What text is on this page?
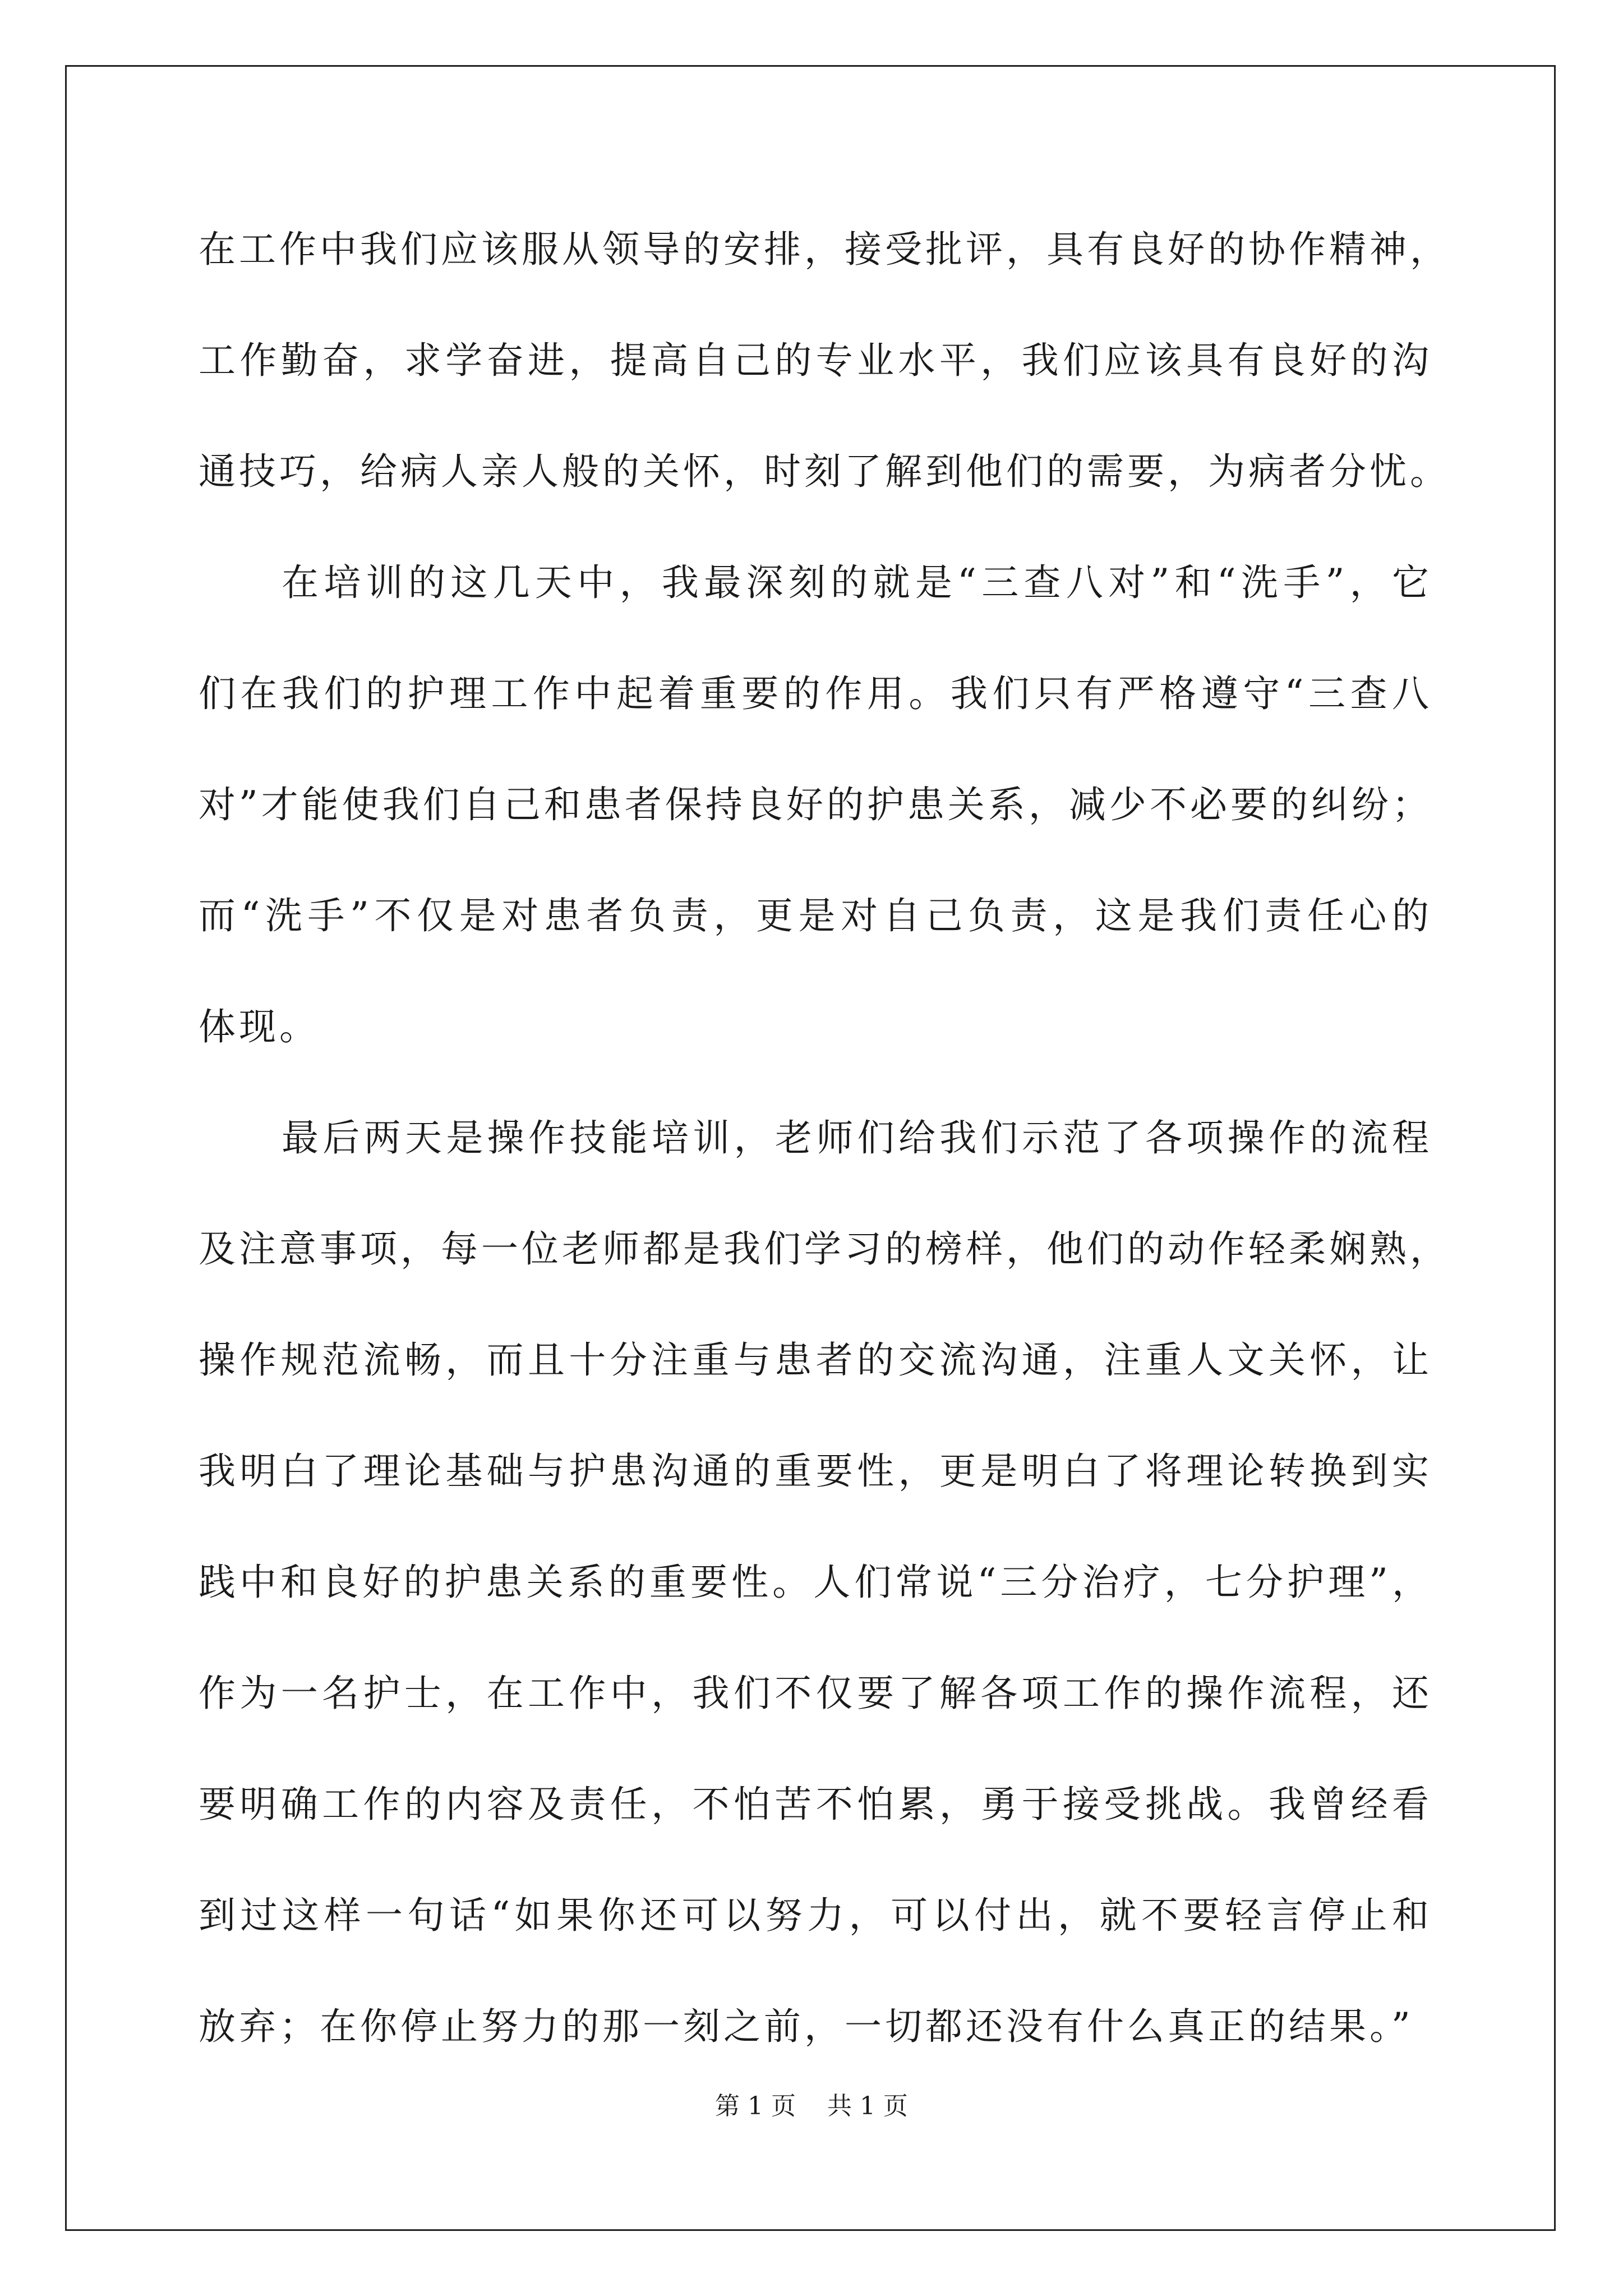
在工作中我们应该服从领导的安排，接受批评，具有良好的协作精神，
工作勤奋，求学奋进，提高自己的专业水平，我们应该具有良好的沟
通技巧，给病人亲人般的关怀，时刻了解到他们的需要，为病者分忧。
在培训的这几天中，我最深刻的就是“三查八对”和“洗手”，它
们在我们的护理工作中起着重要的作用。我们只有严格遵守“三查八
对”才能使我们自己和患者保持良好的护患关系，减少不必要的纠纷；
而“洗手”不仅是对患者负责，更是对自己负责，这是我们责任心的
体现。
最后两天是操作技能培训，老师们给我们示范了各项操作的流程
及注意事项，每一位老师都是我们学习的榜样，他们的动作轻柔娴熟，
操作规范流畅，而且十分注重与患者的交流沟通，注重人文关怀，让
我明白了理论基础与护患沟通的重要性，更是明白了将理论转换到实
践中和良好的护患关系的重要性。人们常说“三分治疗，七分护理”，
作为一名护士，在工作中，我们不仅要了解各项工作的操作流程，还
要明确工作的内容及责任，不怕苦不怕累，勇于接受挑战。我曾经看
到过这样一句话“如果你还可以努力，可以付出，就不要轻言停止和
放弃；在你停止努力的那一刻之前，一切都还没有什么真正的结果。”
第 1 页    共 1 页
